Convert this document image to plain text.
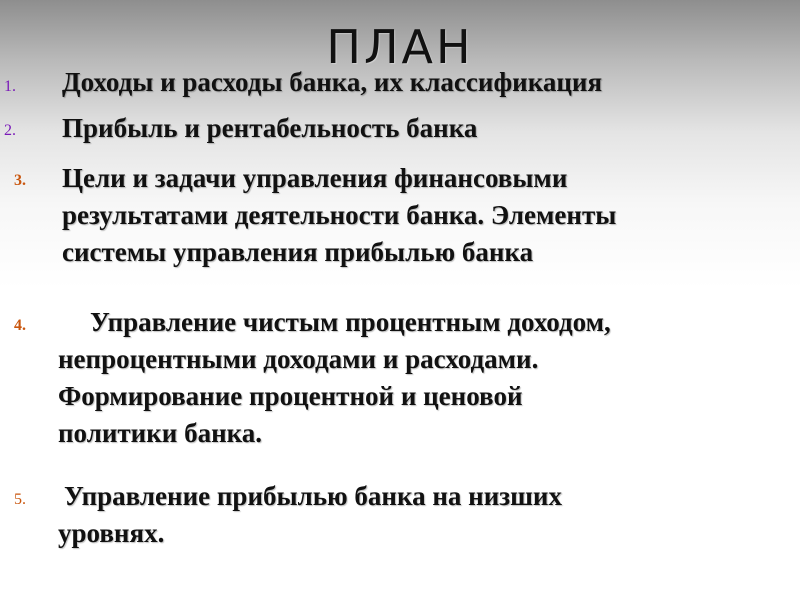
ПЛАН
1. Доходы и расходы банка, их классификация
2. Прибыль и рентабельность банка
3. Цели и задачи управления финансовыми
результатами деятельности банка. Элементы
системы управления прибылью банка
4.	Управление чистым процентным доходом,
непроцентными доходами и расходами.
Формирование процентной и ценовой
политики банка.
5. Управление прибылью банка на низших
уровнях.
